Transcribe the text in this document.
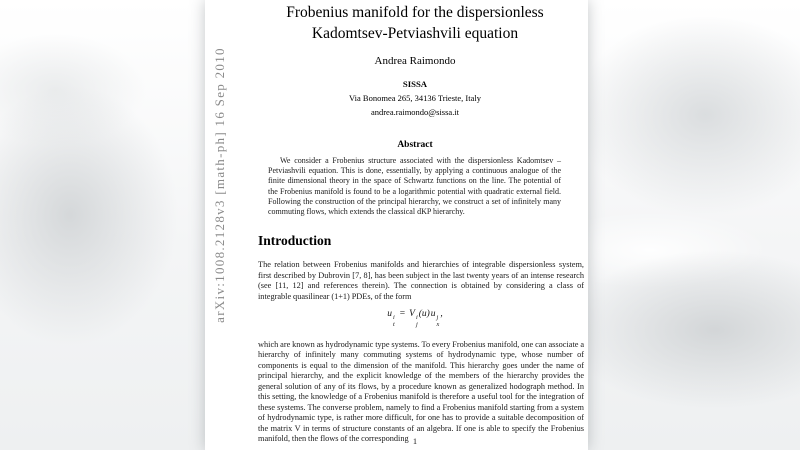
arXiv:1008.2128v3 [math-ph] 16 Sep 2010
Frobenius manifold for the dispersionless
Kadomtsev-Petviashvili equation
Andrea Raimondo
SISSA
Via Bonomea 265, 34136 Trieste, Italy
andrea.raimondo@sissa.it
Abstract

We consider a Frobenius structure associated with the dispersionless Kadomtsev – Petviashvili equation. This is done, essentially, by applying a continuous analogue of the finite dimensional theory in the space of Schwartz functions on the line. The potential of the Frobenius manifold is found to be a logarithmic potential with quadratic external field. Following the construction of the principal hierarchy, we construct a set of infinitely many commuting flows, which extends the classical dKP hierarchy.

Introduction

The relation between Frobenius manifolds and hierarchies of integrable dispersionless system, first described by Dubrovin [7, 8], has been subject in the last twenty years of an intense research (see [11, 12] and references therein). The connection is obtained by considering a class of integrable quasilinear (1+1) PDEs, of the form

u i
t
= V i
j
(u)u j
x
,

which are known as hydrodynamic type systems. To every Frobenius manifold, one can associate a hierarchy of infinitely many commuting systems of hydrodynamic type, whose number of components is equal to the dimension of the manifold. This hierarchy goes under the name of principal hierarchy, and the explicit knowledge of the members of the hierarchy provides the general solution of any of its flows, by a procedure known as generalized hodograph method. In this setting, the knowledge of a Frobenius manifold is therefore a useful tool for the integration of these systems. The converse problem, namely to find a Frobenius manifold starting from a system of hydrodynamic type, is rather more difficult, for one has to provide a suitable decomposition of the matrix V in terms of structure constants of an algebra. If one is able to specify the Frobenius manifold, then the flows of the corresponding 1
